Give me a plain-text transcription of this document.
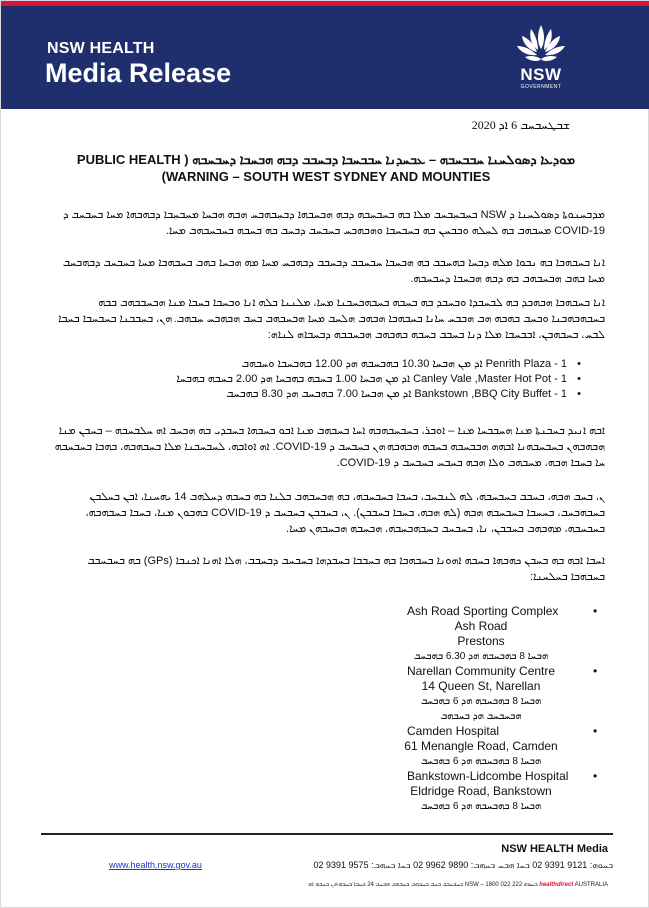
NSW HEALTH
Media Release	NSW
GOVERNMENT
ܫܒܛܚܒܚܒ 6 ܐܕ 2020
ܡܘܕܥܐ ܕܣܘܠܚܢܐ ܚܒܒܚܒܗ – ܥܒܚܕܢܐ ܚܒܒܚܒܐ ܕܒܚܒܒ ܕܒܗ ܗܒܚܒܐ ܕܚܒܚܒܗ ( PUBLIC HEALTH
(WARNING – SOUTH WEST SYDNEY AND MOUNTIES

ܡܕܒܚܢܘܬܐ ܕܣܘܠܚܢܐ ܕ NSW ܒܚܒܚܒܚܒ ܡܠܐ ܒܗ ܒܚܒܚܒܗ ܕܒܗ ܗܒܚܒܗܐ ܕܒܚܒܗܒܚ ܗܒܗ ܗܒܚܐ ܡܚܒܚܒܐ ܕܒܗܒܗܐ ܡܚܐ ܒܚܒܚܒ ܕ COVID-19 ܡܚܒܗܒ ܒܗ ܠܚܠܗ ܘܒܒܚܢ ܒܗ ܒܚܒܚܒܐ ܘܗܒܗܒܚ ܒܚܒܚܒ ܕܒܚܒ ܒܗ ܒܚܒܗ ܒܚܒܚܒܗܒ ܡܚܐ.

ܐܢܐ ܒܚܒܗܒܐ ܒܗ ܢܒܘܐ ܡܠܗ ܕܒܚܐ ܒܗܚܒܒ ܒܗ ܗܒܚܒܐ ܚܒܚܒܒ ܕܒܚܒܒ ܕܒܗܒܚ ܡܚܐ ܡܗ ܗܒܚܐ ܒܗܒ ܒܚܒܗܒܐ ܡܚܐ ܒܚܒܚܒ ܕܒܗܒܚܒ ܡܚܐ ܒܗܒ ܗܒܚܒܗܒ ܒܗ ܕܒܗ ܗܒܚܒܐ ܕܚܒܚܒܗ.

ܐܢܐ ܒܚܒܗܒܐ ܗܒܗܒܕ ܒܗ ܠܒܚܒܕܐ ܘܒܚܒܕ ܒܗ ܒܚܒܗ ܒܚܒܗܒܚܒܢܐ ܡܚܐ، ܡܠܢܢܐ ܒܠܗ ܐܢܐ ܘܒܚܒܐ ܒܚܒܐ ܡܢܐ ܗܒܚܒܒܗܒ ܒܒܗ ܒܚܒܗܒܗܒܢܐ ܘܒܚܒ ܒܗܒܗ ܗܒ ܗܒܒܚ ܚܐܢܐ ܒܚܒܗܒܐ ܗܒܗܒ ܗܠܚܒ ܡܚܐ ܗܒܚܒܗܒ ܒܚܒ ܗܒܗܒܚ ܚܒܗܒ. ܗܢ، ܒܚܒܒܢܐ ܒܚܒܚܒܐ ܒܚܒܐ ܠܒܚ، ܒܚܒܗܒܢ، ܐܒܒܚܒܐ ܡܠܐ ܕܢܐ ܒܚܒܒ ܒܚܒܗ ܒܗܒܗܒ ܗܒܚܒܒܗ ܕܒܚܒܐܗ ܠܢܐܗ:

• Penrith Plaza - 1 ܐܕ ܡܢ ܗܒܚܐ 10.30 ܒܗܒܚܒܗ ܗܕ 12.00 ܒܗܒܚܒܐ ܘܚܒܗܒ
• Canley Vale ,Master Hot Pot - 1 ܐܕ ܡܢ ܗܒܚܐ 1.00 ܒܚܒܗ ܒܗܒܚܐ ܗܕ 2.00 ܒܚܒܗ ܒܗܒܚܐ
• Bankstown ,BBQ City Buffet - 1 ܐܕ ܡܢ ܗܒܚܐ 7.00 ܒܗܒܚܒ ܗܕ 8.30 ܒܗܒܚܒ

ܐܒܗ ܐܢܝܕ ܒܚܒܢܬܐ ܡܢܐ ܗܚܒܒܚܐ ܡܢܐ – ܐܘܒܪ، ܒܚܒܚܒܗܒܗ ܐܚܐ ܒܚܒܗܒ ܡܢܐ ܐܒܘ ܒܚܒܗܐ ܒܚܒܕܝ ܒܗ ܗܒܚܒ ܐܗ ܚܠܒܚܒܗ – ܒܚܒܢ ܡܢܐ ܗܒܗܒܗܢ ܒܚܒܚܒܗܢܐ ܐܒܗܗ ܗܒܒܚܒܗ ܒܚܒܗ ܗܒܗܒܗ ܗܢ ܒܚܒܚܒ ܕ COVID-19. ܐܗ ܐܘܐܒܗ، ܠܚܒܚܒܢܐ ܡܠܐ ܒܚܒܗܒܗ، ܒܗܒܐ ܒܚܒܚܒܗ ܚܐ ܒܚܒܐ ܗܒܗ، ܡܚܒܗܒ ܘܠܐ ܗܒܗ ܒܚܒܚ ܒܚܒܚܒ ܕ COVID-19.

ܢ، ܒܚܒ ܗܒܗ، ܒܚܒܒ ܒܚܒܚܒܗ، ܠܗ ܠܢܒܚܒ، ܒܚܒܐ ܒܚܒܚܒܗ، ܒܗ ܗܒܚܒܗܒ ܒܠܢܐ ܒܗ ܒܚܒܗ ܕܚܠܗܒ 14 ܝܗܚܢܐ، ܐܒܢ ܒܚܠܒܢ ܒܚܒܗܒܚܒ، ܒܚܚܒܐ ܒܚܒܚܒܗ ܗܒܗ (ܠܗ ܗܒܗ، ܒܚܒܐ ܒܚܒܒܢ). ܢ، ܒܚܒܒܢ ܒܚܒܚܒ ܕ COVID-19 ܒܗܒܘܢ ܡܢܐ، ܒܚܒܐ ܒܚܒܗܒܗ، ܒܚܒܚܒܗ، ܡܗܒܗܒ ܒܚܒܒܢ، ܢܐ، ܒܚܒܚܒ ܒܚܒܗܒܚܒܗ، ܗܒܚܒܗ ܗܒܚܒܗܢ ܡܚܐ.

ܐܚܒܐ ܐܒܗ ܒܗ ܒܚܒܢ ܟܗܒܗܐ ܒܚܒܗ ܐܗܘܢܐ ܒܚܒܗܒܐ ܒܗ ܒܚܒܒܐ ܒܚܒܕܗܐ ܒܚܒܚܒ ܕܒܚܒܒ، ܗܠܐ ܐܗܢܐ ܐܟܢܒܐ (GPs) ܒܗ ܒܚܒܚܒܒ ܒܚܒܗܒܐ ܒܚܠܚܢܐ:

•
Ash Road Sporting Complex
Ash Road
Prestons
ܗܒܚܐ 8 ܒܗܒܚܒܗ ܗܕ 6.30 ܒܗܒܚܒ
•
Narellan Community Centre
14 Queen St, Narellan
ܗܒܚܐ 8 ܒܗܒܚܒܗ ܗܕ 6 ܒܗܒܚܒ
ܗܒܚܒܚܒ ܗܕ ܒܚܒܗܒ
•
Camden Hospital
61 Menangle Road, Camden
ܗܒܚܐ 8 ܒܗܒܚܒܗ ܗܕ 6 ܒܗܒܚܒ
•
Bankstown-Lidcombe Hospital
Eldridge Road, Bankstown
ܗܒܚܐ 8 ܒܗܒܚܒܗ ܗܕ 6 ܒܗܒܚܒ
NSW HEALTH Media
www.health.nsw.gov.au	ܒܚܘܗ: 9121 9391 02 ܒܚܐ ܗܒܚ ܒܚܗܒ: 9890 9962 02 ܒܚܐ ܒܚܗܒ: 9575 9391 02
ܒܚܒܚܒܒ ܒܚܒ ܒܚܒܗܒ ܒܚܒܗܒ ܗܒܚܒ 24 ܒܚܒܐ ܒܚܒܗ ܗܢ ܒܚܒܗ ܐܗ NSW – ܒܚܘܗ 222 022 1800 healthdirect AUSTRALIA
